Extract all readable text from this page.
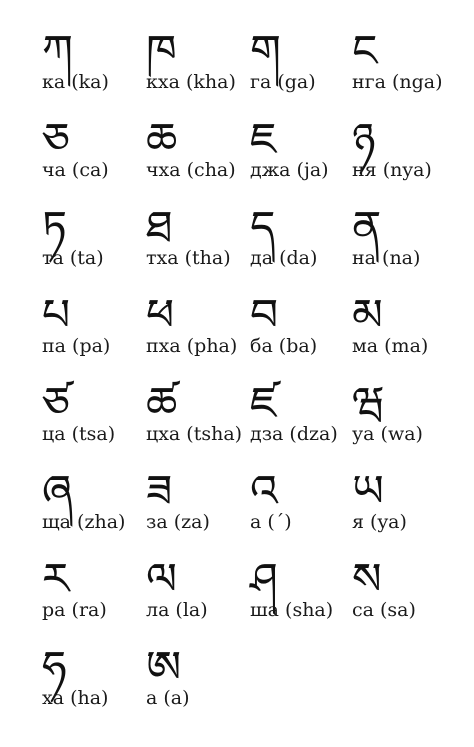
ཀ
ка (ka)
ཁ
кха (kha)
ག
га (ga)
ང
нга (nga)
ཅ
ча (ca)
ཆ
чха (cha)
ཇ
джа (ja)
ཉ
ня (nya)
ཏ
та (ta)
ཐ
тха (tha)
ད
да (da)
ན
на (na)
པ
па (pa)
ཕ
пха (pha)
བ
ба (ba)
མ
ма (ma)
ཙ
ца (tsa)
ཚ
цха (tsha)
ཛ
дза (dza)
ཝ
уа (wa)
ཞ
ща (zha)
ཟ
за (za)
འ
а (´)
ཡ
я (ya)
ར
ра (ra)
ལ
ла (la)
ཤ
ша (sha)
ས
са (sa)
ཧ
ха (ha)
ཨ
а (a)
